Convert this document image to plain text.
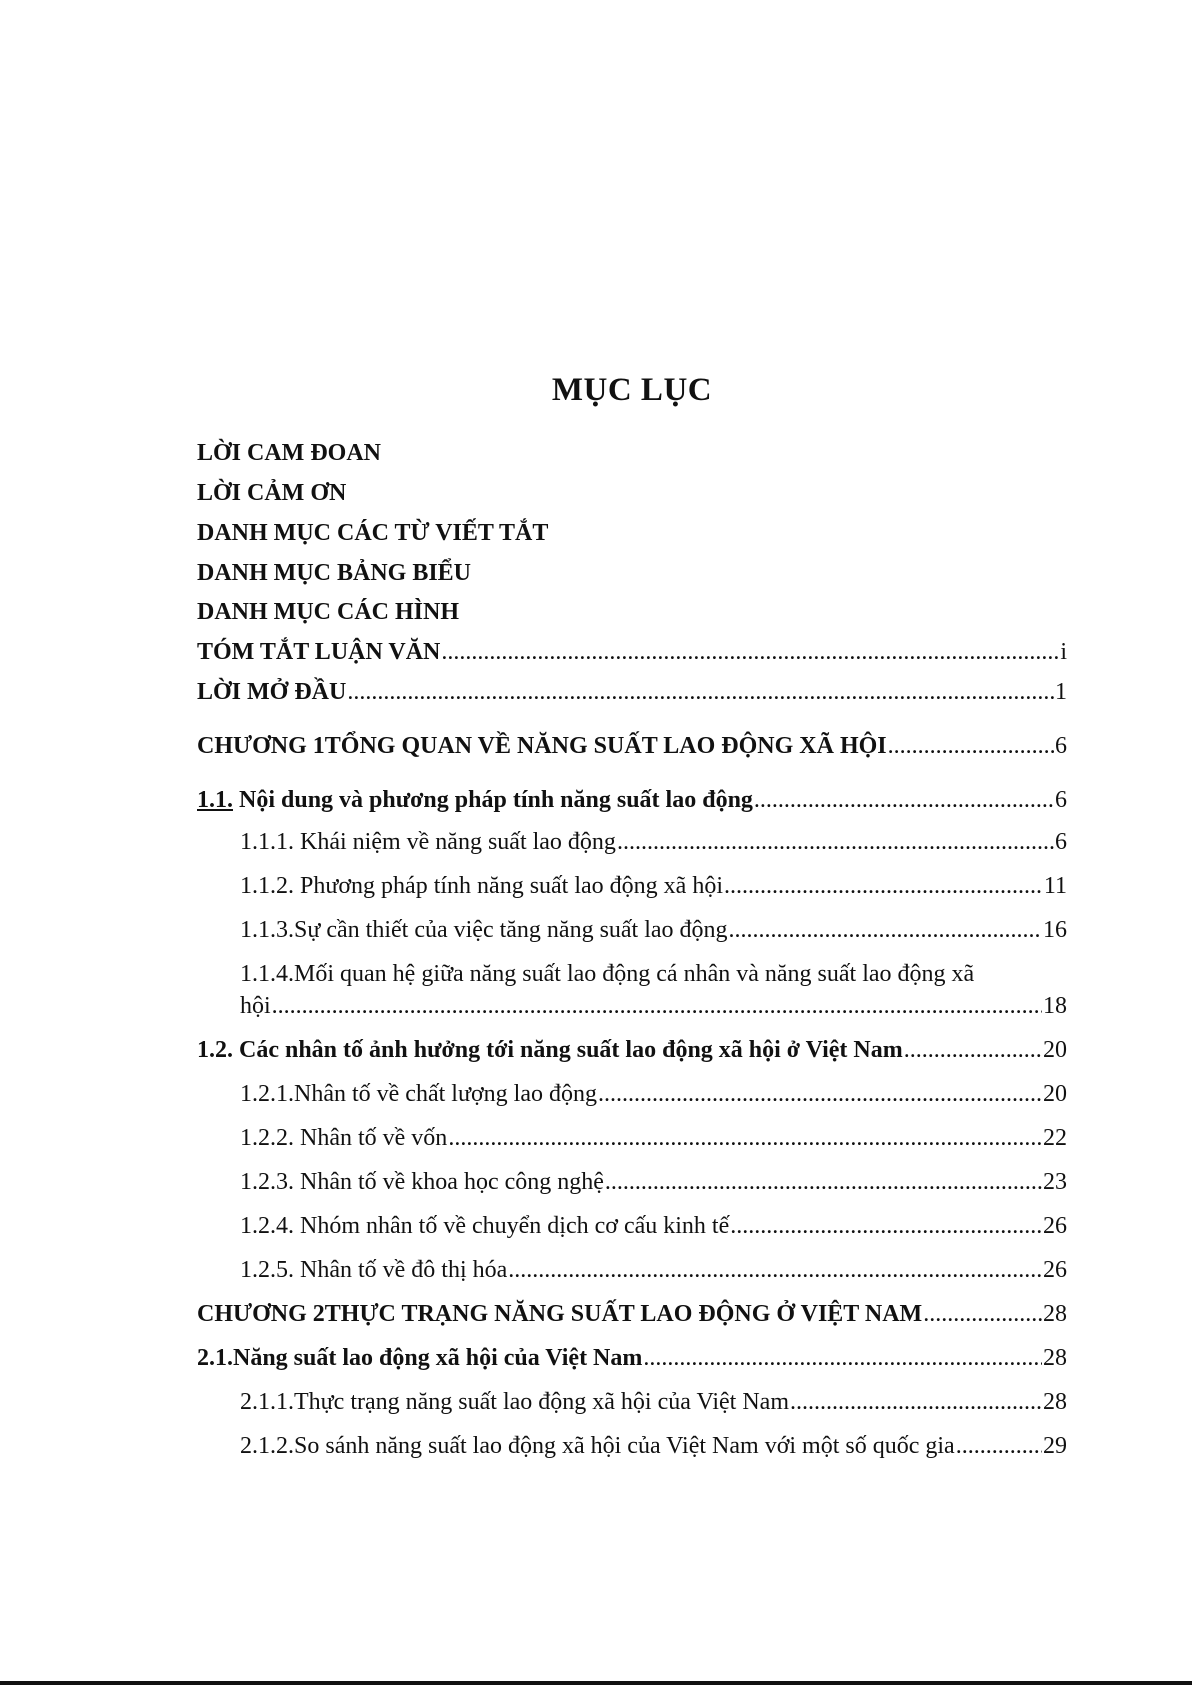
MỤC LỤC
LỜI CAM ĐOAN
LỜI CẢM ƠN
DANH MỤC CÁC TỪ VIẾT TẮT
DANH MỤC BẢNG BIỂU
DANH MỤC CÁC HÌNH
TÓM TẮT LUẬN VĂN .....	i
LỜI MỞ ĐẦU .....	1
CHƯƠNG 1TỔNG QUAN VỀ NĂNG SUẤT LAO ĐỘNG XÃ HỘI .....	6
1.1. Nội dung và phương pháp tính năng suất lao động .....	6
1.1.1. Khái niệm về năng suất lao động .....	6
1.1.2. Phương pháp tính năng suất lao động xã hội .....	11
1.1.3.Sự cần thiết của việc tăng năng suất lao động .....	16
1.1.4.Mối quan hệ giữa năng suất lao động cá nhân và năng suất lao động xã
hội .....	18
1.2. Các nhân tố ảnh hưởng tới năng suất lao động xã hội ở Việt Nam .....	20
1.2.1.Nhân tố về chất lượng lao động .....	20
1.2.2. Nhân tố về vốn .....	22
1.2.3. Nhân tố về khoa học công nghệ .....	23
1.2.4. Nhóm nhân tố về chuyển dịch cơ cấu kinh tế .....	26
1.2.5. Nhân tố về đô thị hóa .....	26
CHƯƠNG 2THỰC TRẠNG NĂNG SUẤT LAO ĐỘNG Ở VIỆT NAM .....	28
2.1.Năng suất lao động xã hội của Việt Nam .....	28
2.1.1.Thực trạng năng suất lao động xã hội của Việt Nam .....	28
2.1.2.So sánh năng suất lao động xã hội của Việt Nam với một số quốc gia .....	29
